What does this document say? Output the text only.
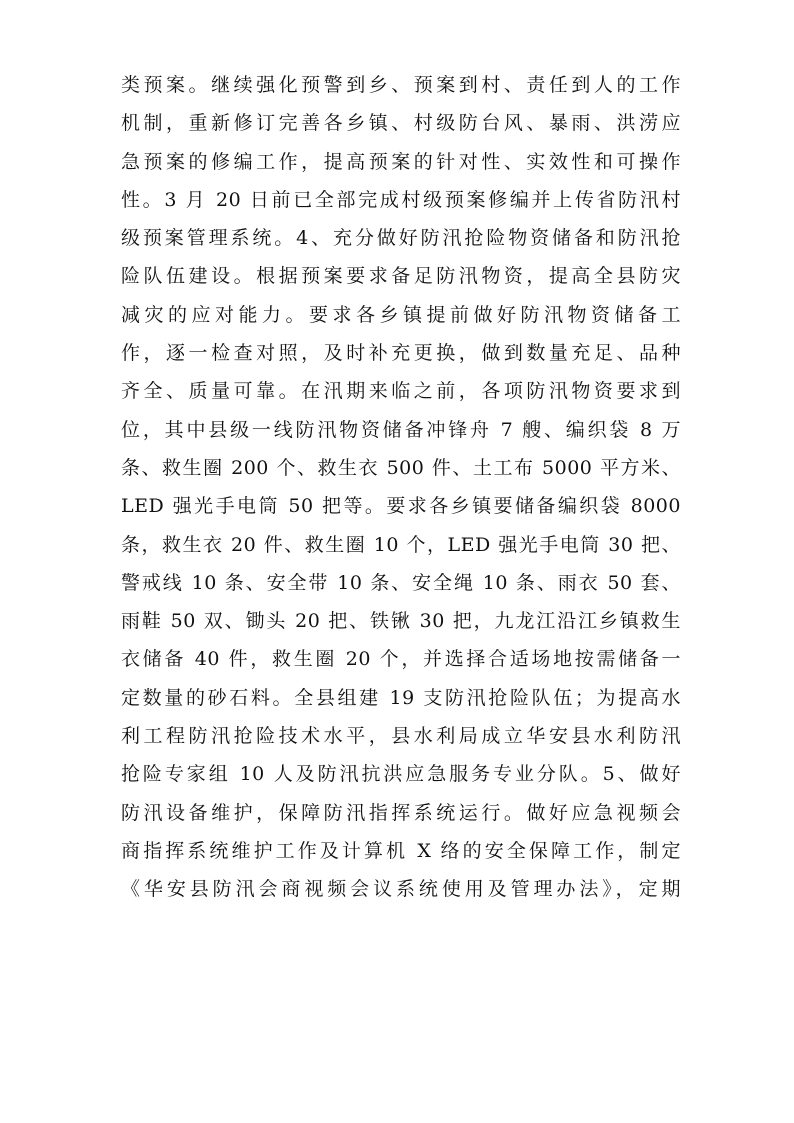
类预案。继续强化预警到乡、预案到村、责任到人的工作
机制，重新修订完善各乡镇、村级防台风、暴雨、洪涝应
急预案的修编工作，提高预案的针对性、实效性和可操作
性。3 月 20 日前已全部完成村级预案修编并上传省防汛村
级预案管理系统。4、充分做好防汛抢险物资储备和防汛抢
险队伍建设。根据预案要求备足防汛物资，提高全县防灾
减灾的应对能力。要求各乡镇提前做好防汛物资储备工
作，逐一检查对照，及时补充更换，做到数量充足、品种
齐全、质量可靠。在汛期来临之前，各项防汛物资要求到
位，其中县级一线防汛物资储备冲锋舟 7 艘、编织袋 8 万
条、救生圈 200 个、救生衣 500 件、土工布 5000 平方米、
LED 强光手电筒 50 把等。要求各乡镇要储备编织袋 8000
条，救生衣 20 件、救生圈 10 个，LED 强光手电筒 30 把、
警戒线 10 条、安全带 10 条、安全绳 10 条、雨衣 50 套、
雨鞋 50 双、锄头 20 把、铁锹 30 把，九龙江沿江乡镇救生
衣储备 40 件，救生圈 20 个，并选择合适场地按需储备一
定数量的砂石料。全县组建 19 支防汛抢险队伍；为提高水
利工程防汛抢险技术水平，县水利局成立华安县水利防汛
抢险专家组 10 人及防汛抗洪应急服务专业分队。5、做好
防汛设备维护，保障防汛指挥系统运行。做好应急视频会
商指挥系统维护工作及计算机 X 络的安全保障工作，制定
《华安县防汛会商视频会议系统使用及管理办法》，定期
